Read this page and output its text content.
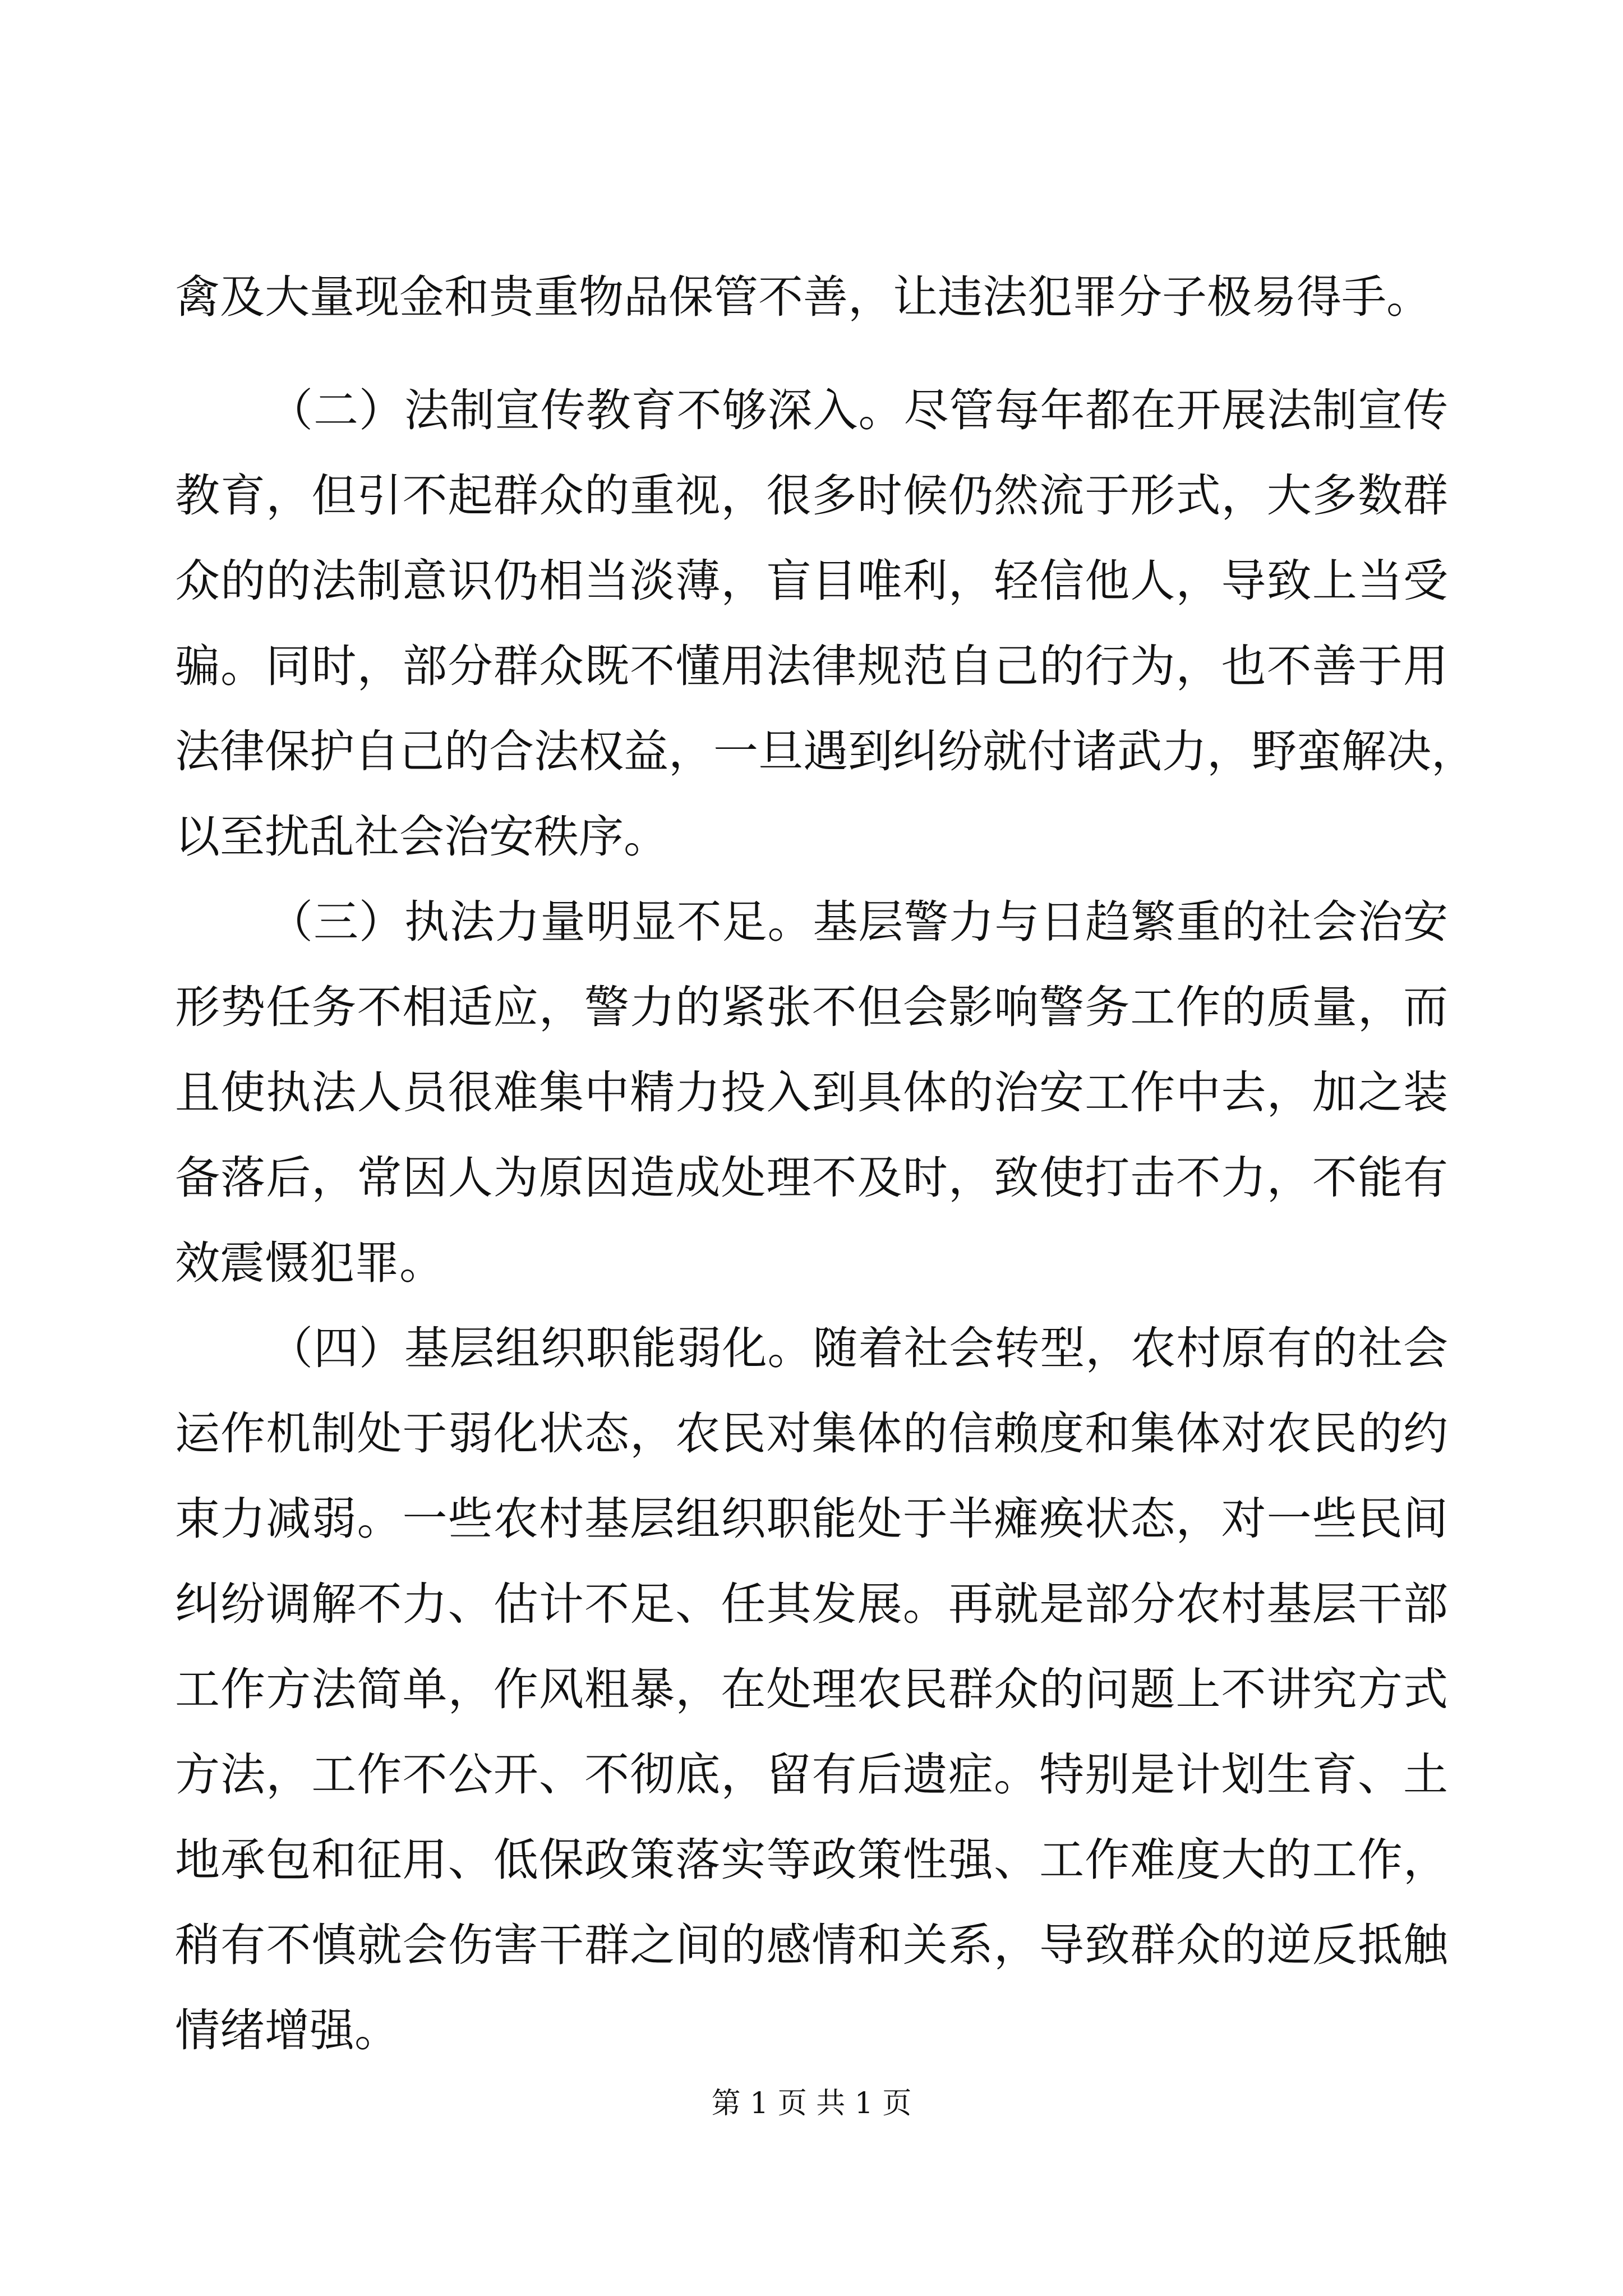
禽及大量现金和贵重物品保管不善，让违法犯罪分子极易得手。
（二）法制宣传教育不够深入。尽管每年都在开展法制宣传
教育，但引不起群众的重视，很多时候仍然流于形式，大多数群
众的的法制意识仍相当淡薄，盲目唯利，轻信他人，导致上当受
骗。同时，部分群众既不懂用法律规范自己的行为，也不善于用
法律保护自己的合法权益，一旦遇到纠纷就付诸武力，野蛮解决，
以至扰乱社会治安秩序。
（三）执法力量明显不足。基层警力与日趋繁重的社会治安
形势任务不相适应，警力的紧张不但会影响警务工作的质量，而
且使执法人员很难集中精力投入到具体的治安工作中去，加之装
备落后，常因人为原因造成处理不及时，致使打击不力，不能有
效震慑犯罪。
（四）基层组织职能弱化。随着社会转型，农村原有的社会
运作机制处于弱化状态，农民对集体的信赖度和集体对农民的约
束力减弱。一些农村基层组织职能处于半瘫痪状态，对一些民间
纠纷调解不力、估计不足、任其发展。再就是部分农村基层干部
工作方法简单，作风粗暴，在处理农民群众的问题上不讲究方式
方法，工作不公开、不彻底，留有后遗症。特别是计划生育、土
地承包和征用、低保政策落实等政策性强、工作难度大的工作，
稍有不慎就会伤害干群之间的感情和关系，导致群众的逆反抵触
情绪增强。
第 1 页 共 1 页
